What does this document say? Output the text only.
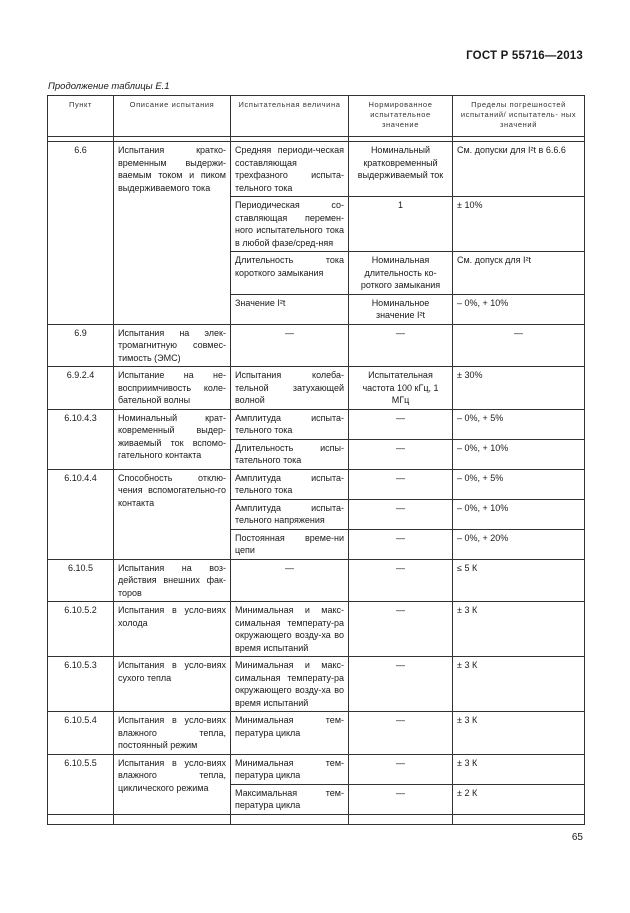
ГОСТ Р 55716—2013
Продолжение таблицы Е.1
Пункт	Описание испытания	Испытательная величина	Нормированное испытательное значение	Пределы погрешностей испытаний/ испытатель- ных значений

6.6	Испытания кратко-временным выдержи-ваемым током и пиком выдерживаемого тока	Средняя периоди-ческая составляющая трехфазного испыта-тельного тока	Номинальный кратковременный выдерживаемый ток	См. допуски для I²t в 6.6.6
		Периодическая со-ставляющая перемен-ного испытательного тока в любой фазе/сред-няя	1	± 10%
		Длительность тока короткого замыкания	Номинальная длительность ко-роткого замыкания	См. допуск для I²t
		Значение I²t	Номинальное значение I²t	– 0%, + 10%
6.9	Испытания на элек-тромагнитную совмес-тимость (ЭМС)	—	—	—
6.9.2.4	Испытание на не-восприимчивость коле-бательной волны	Испытания колеба-тельной затухающей волной	Испытательная частота 100 кГц, 1 МГц	± 30%
6.10.4.3	Номинальный крат-ковременный выдер-живаемый ток вспомо-гательного контакта	Амплитуда испыта-тельного тока	—	– 0%, + 5%
		Длительность испы-тательного тока	—	– 0%, + 10%
6.10.4.4	Способность отклю-чения вспомогательно-го контакта	Амплитуда испыта-тельного тока	—	– 0%, + 5%
		Амплитуда испыта-тельного напряжения	—	– 0%, + 10%
		Постоянная време-ни цепи	—	– 0%, + 20%
6.10.5	Испытания на воз-действия внешних фак-торов	—	—	≤ 5 К
6.10.5.2	Испытания в усло-виях холода	Минимальная и макс-симальная температу-ра окружающего возду-ха во время испытаний	—	± 3 К
6.10.5.3	Испытания в усло-виях сухого тепла	Минимальная и макс-симальная температу-ра окружающего возду-ха во время испытаний	—	± 3 К
6.10.5.4	Испытания в усло-виях влажного тепла, постоянный режим	Минимальная тем-пература цикла	—	± 3 К
6.10.5.5	Испытания в усло-виях влажного тепла, циклического режима	Минимальная тем-пература цикла	—	± 3 К
		Максимальная тем-пература цикла	—	± 2 К

65
